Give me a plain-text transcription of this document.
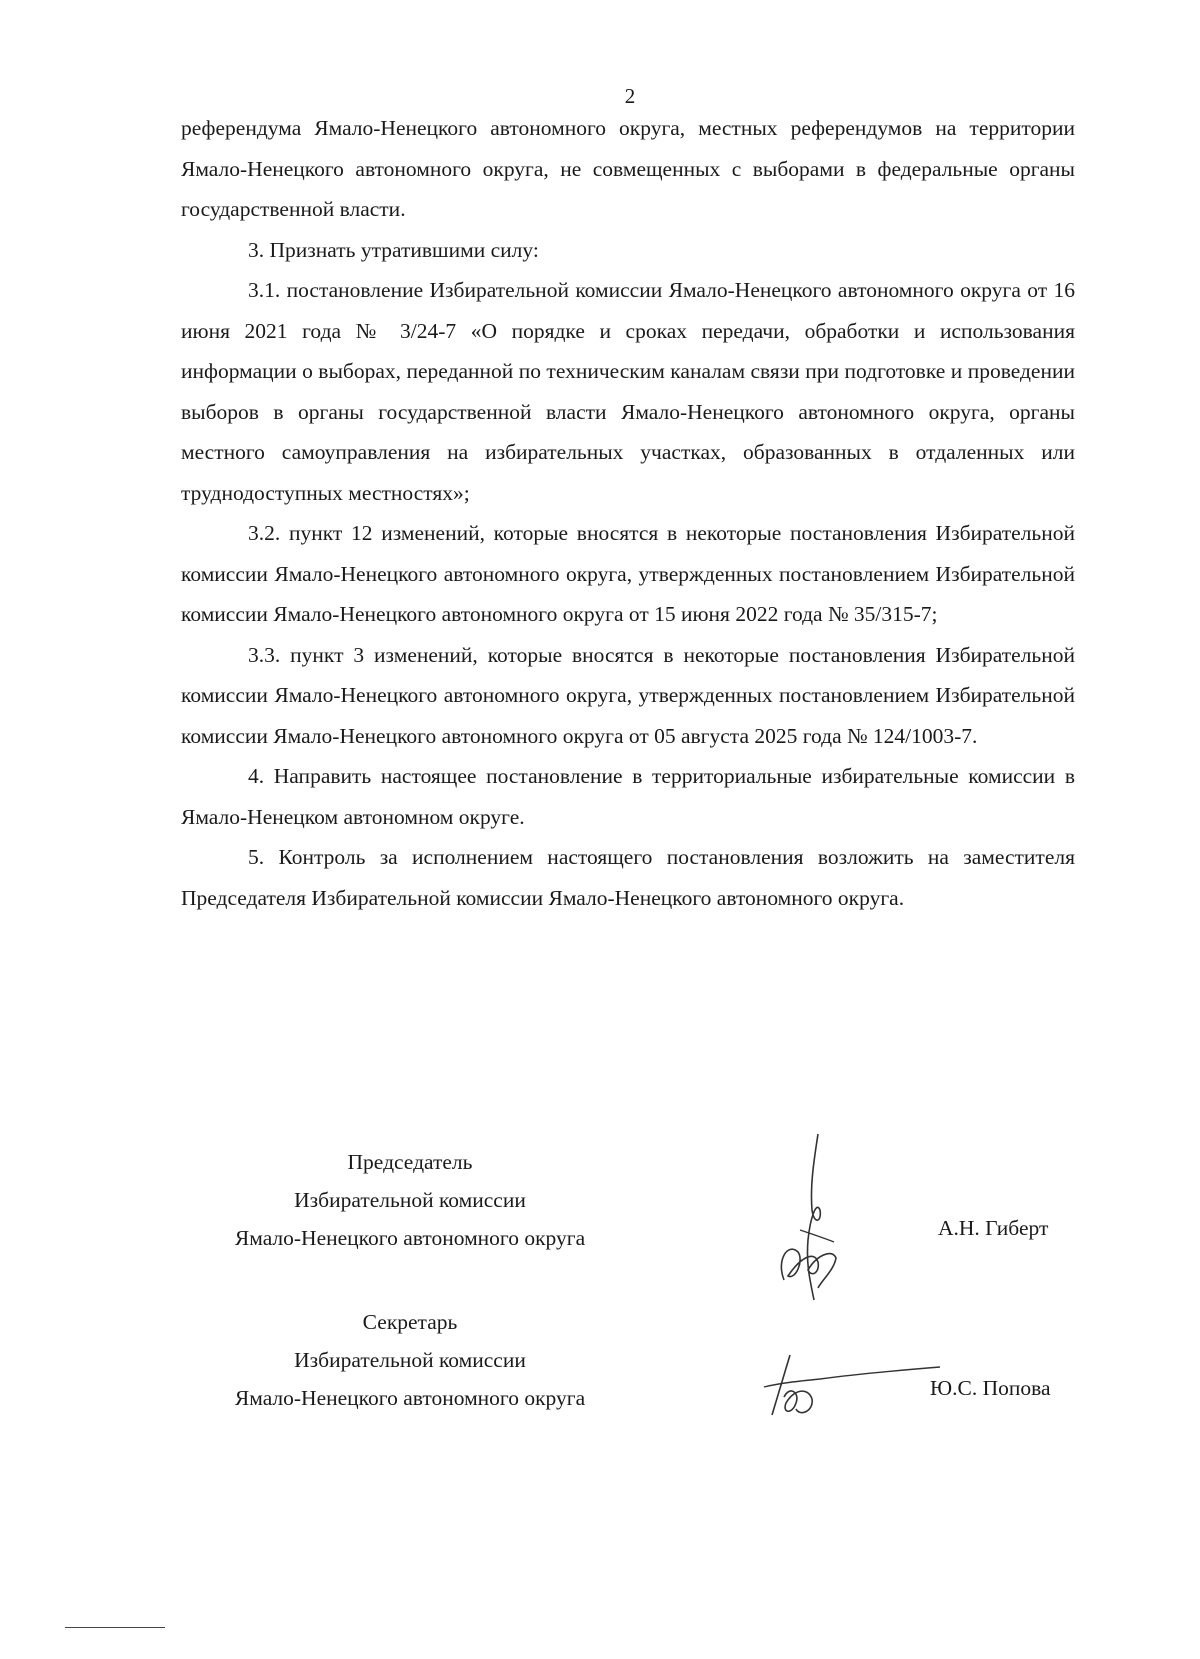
2

референдума Ямало-Ненецкого автономного округа, местных референдумов на территории Ямало-Ненецкого автономного округа, не совмещенных с выборами в федеральные органы государственной власти.

3. Признать утратившими силу:

3.1. постановление Избирательной комиссии Ямало-Ненецкого автономного округа от 16 июня 2021 года № 3/24-7 «О порядке и сроках передачи, обработки и использования информации о выборах, переданной по техническим каналам связи при подготовке и проведении выборов в органы государственной власти Ямало-Ненецкого автономного округа, органы местного самоуправления на избирательных участках, образованных в отдаленных или труднодоступных местностях»;

3.2. пункт 12 изменений, которые вносятся в некоторые постановления Избирательной комиссии Ямало-Ненецкого автономного округа, утвержденных постановлением Избирательной комиссии Ямало-Ненецкого автономного округа от 15 июня 2022 года № 35/315-7;

3.3. пункт 3 изменений, которые вносятся в некоторые постановления Избирательной комиссии Ямало-Ненецкого автономного округа, утвержденных постановлением Избирательной комиссии Ямало-Ненецкого автономного округа от 05 августа 2025 года № 124/1003-7.

4. Направить настоящее постановление в территориальные избирательные комиссии в Ямало-Ненецком автономном округе.

5. Контроль за исполнением настоящего постановления возложить на заместителя Председателя Избирательной комиссии Ямало-Ненецкого автономного округа.

Председатель
Избирательной комиссии
Ямало-Ненецкого автономного округа	А.Н. Гиберт
Секретарь
Избирательной комиссии
Ямало-Ненецкого автономного округа	Ю.С. Попова
